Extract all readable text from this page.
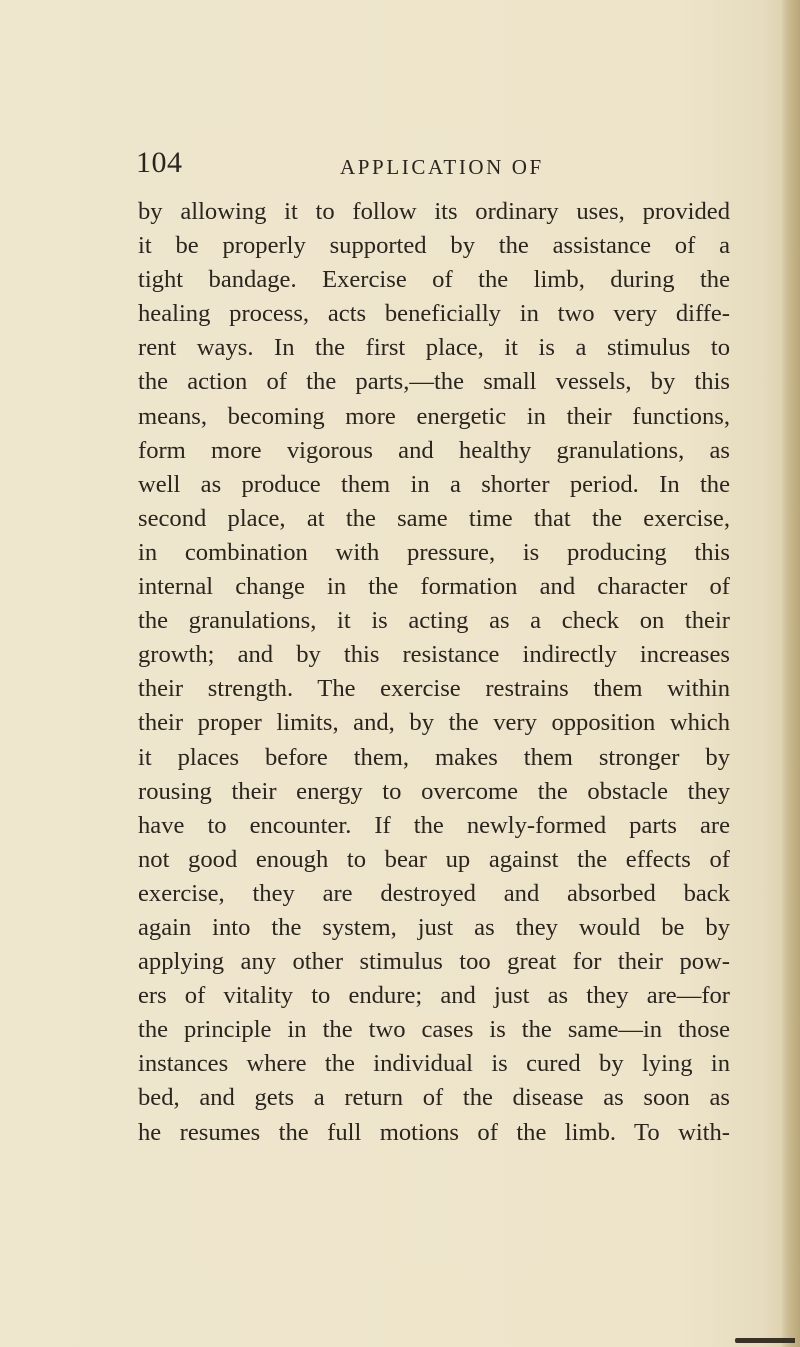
104	APPLICATION OF
by allowing it to follow its ordinary uses, provided
it be properly supported by the assistance of a
tight bandage. Exercise of the limb, during the
healing process, acts beneficially in two very diffe-
rent ways. In the first place, it is a stimulus to
the action of the parts,—the small vessels, by this
means, becoming more energetic in their functions,
form more vigorous and healthy granulations, as
well as produce them in a shorter period. In the
second place, at the same time that the exercise,
in combination with pressure, is producing this
internal change in the formation and character of
the granulations, it is acting as a check on their
growth; and by this resistance indirectly increases
their strength. The exercise restrains them within
their proper limits, and, by the very opposition which
it places before them, makes them stronger by
rousing their energy to overcome the obstacle they
have to encounter. If the newly-formed parts are
not good enough to bear up against the effects of
exercise, they are destroyed and absorbed back
again into the system, just as they would be by
applying any other stimulus too great for their pow-
ers of vitality to endure; and just as they are—for
the principle in the two cases is the same—in those
instances where the individual is cured by lying in
bed, and gets a return of the disease as soon as
he resumes the full motions of the limb. To with-
